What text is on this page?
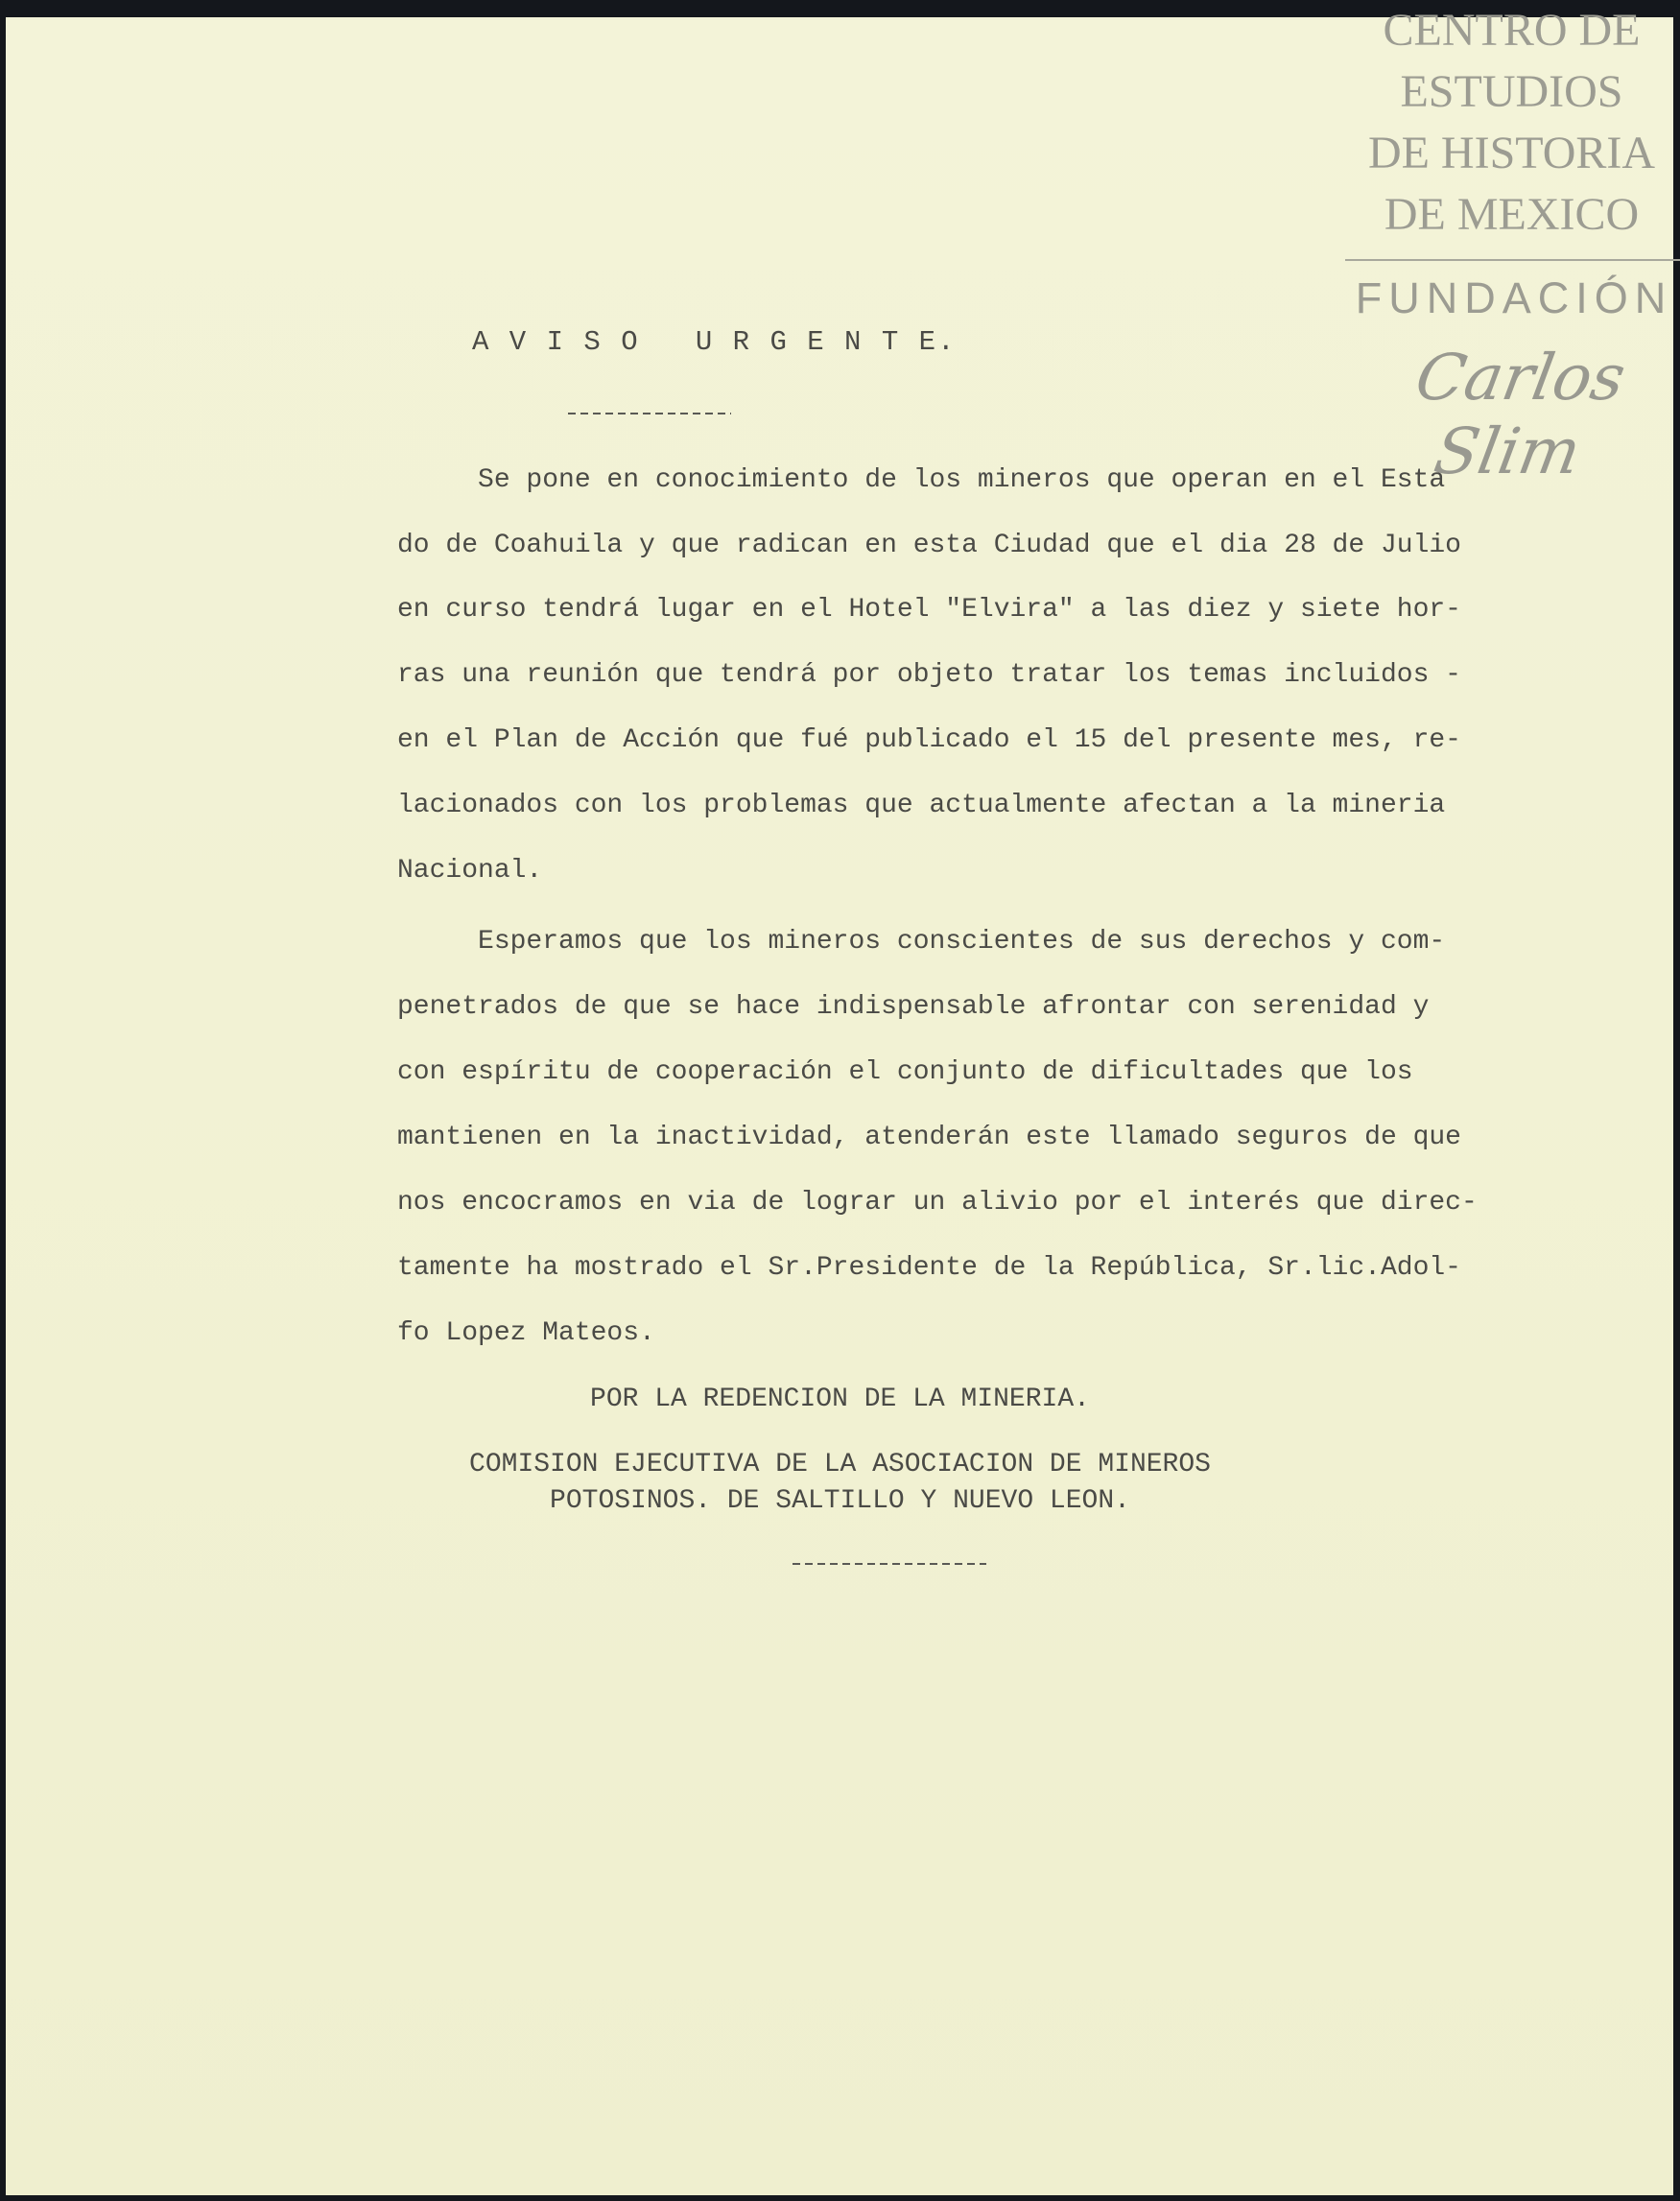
CENTRO DE
ESTUDIOS
DE HISTORIA
DE MEXICO
FUNDACIÓN
Carlos Slim
A V I S O   U R G E N T E.
Se pone en conocimiento de los mineros que operan en el Esta
do de Coahuila y que radican en esta Ciudad que el dia 28 de Julio
en curso tendrá lugar en el Hotel "Elvira" a las diez y siete hor-
ras una reunión que tendrá por objeto tratar los temas incluidos -
en el Plan de Acción que fué publicado el 15 del presente mes, re-
lacionados con los problemas que actualmente afectan a la mineria
Nacional.
Esperamos que los mineros conscientes de sus derechos y com-
penetrados de que se hace indispensable afrontar con serenidad y
con espíritu de cooperación el conjunto de dificultades que los
mantienen en la inactividad, atenderán este llamado seguros de que
nos encocramos en via de lograr un alivio por el interés que direc-
tamente ha mostrado el Sr.Presidente de la República, Sr.lic.Adol-
fo Lopez Mateos.
POR LA REDENCION DE LA MINERIA.
COMISION EJECUTIVA DE LA ASOCIACION DE MINEROS
POTOSINOS. DE SALTILLO Y NUEVO LEON.
